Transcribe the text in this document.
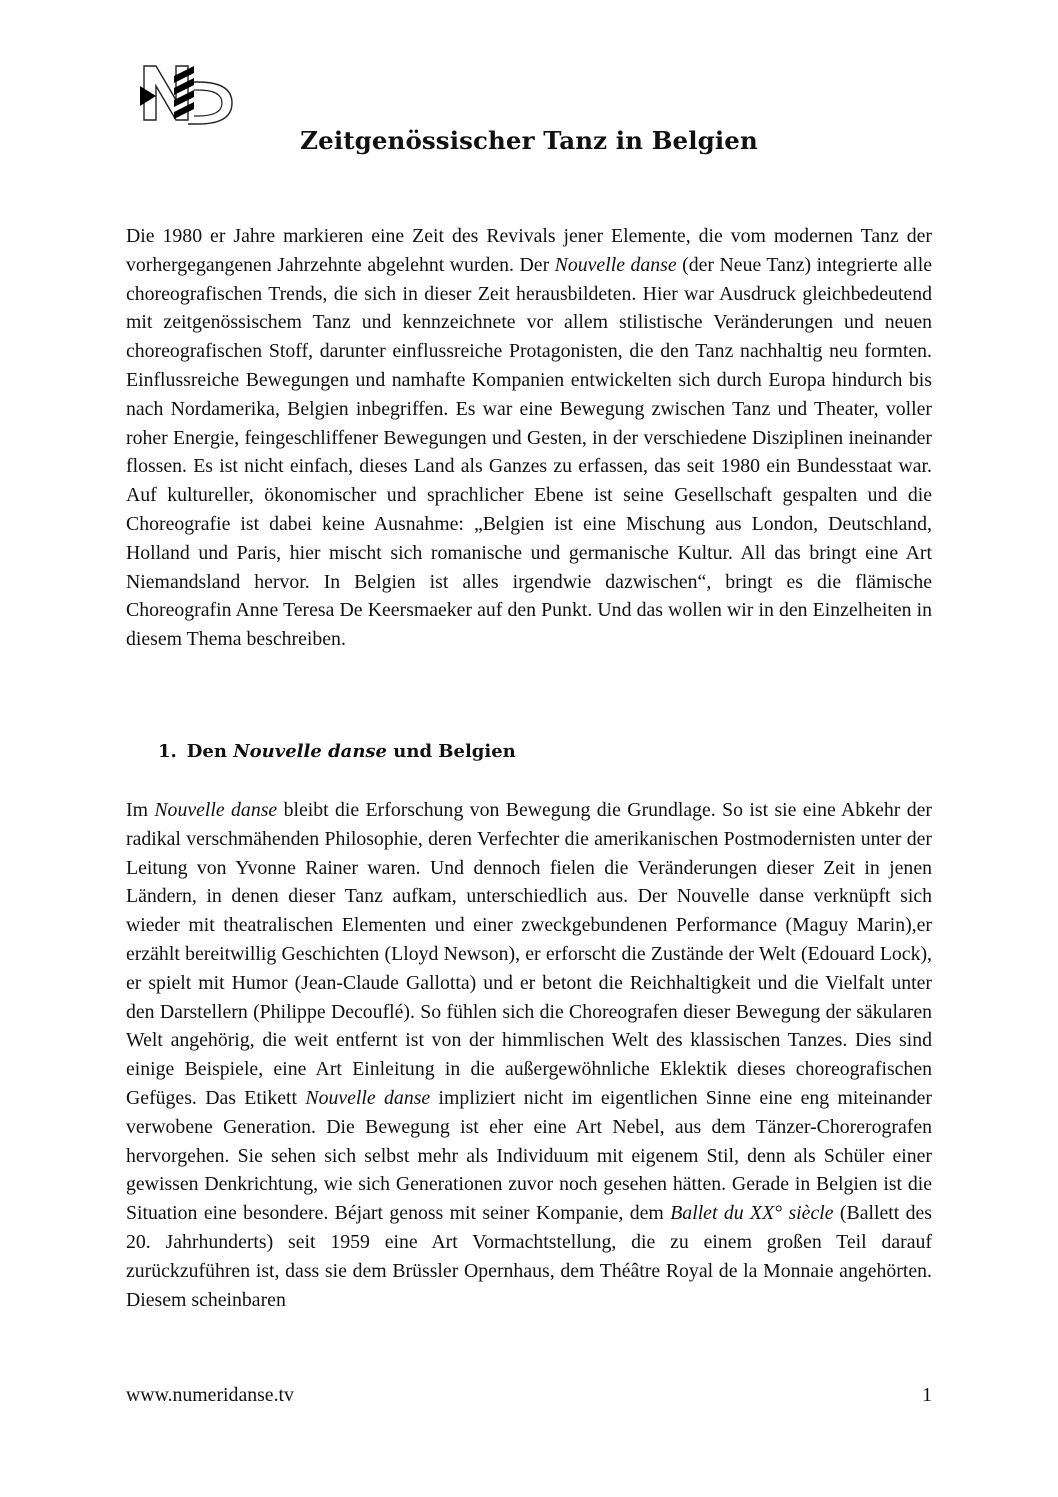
Zeitgenössischer Tanz in Belgien

Die 1980 er Jahre markieren eine Zeit des Revivals jener Elemente, die vom modernen Tanz der vorhergegangenen Jahrzehnte abgelehnt wurden. Der Nouvelle danse (der Neue Tanz) integrierte alle choreografischen Trends, die sich in dieser Zeit herausbildeten. Hier war Ausdruck gleichbedeutend mit zeitgenössischem Tanz und kennzeichnete vor allem stilistische Veränderungen und neuen choreografischen Stoff, darunter einflussreiche Protagonisten, die den Tanz nachhaltig neu formten. Einflussreiche Bewegungen und namhafte Kompanien entwickelten sich durch Europa hindurch bis nach Nordamerika, Belgien inbegriffen. Es war eine Bewegung zwischen Tanz und Theater, voller roher Energie, feingeschliffener Bewegungen und Gesten, in der verschiedene Disziplinen ineinander flossen. Es ist nicht einfach, dieses Land als Ganzes zu erfassen, das seit 1980 ein Bundesstaat war. Auf kultureller, ökonomischer und sprachlicher Ebene ist seine Gesellschaft gespalten und die Choreografie ist dabei keine Ausnahme: „Belgien ist eine Mischung aus London, Deutschland, Holland und Paris, hier mischt sich romanische und germanische Kultur. All das bringt eine Art Niemandsland hervor. In Belgien ist alles irgendwie dazwischen“, bringt es die flämische Choreografin Anne Teresa De Keersmaeker auf den Punkt. Und das wollen wir in den Einzelheiten in diesem Thema beschreiben.

1. Den Nouvelle danse und Belgien

Im Nouvelle danse bleibt die Erforschung von Bewegung die Grundlage. So ist sie eine Abkehr der radikal verschmähenden Philosophie, deren Verfechter die amerikanischen Postmodernisten unter der Leitung von Yvonne Rainer waren. Und dennoch fielen die Veränderungen dieser Zeit in jenen Ländern, in denen dieser Tanz aufkam, unterschiedlich aus. Der Nouvelle danse verknüpft sich wieder mit theatralischen Elementen und einer zweckgebundenen Performance (Maguy Marin),er erzählt bereitwillig Geschichten (Lloyd Newson), er erforscht die Zustände der Welt (Edouard Lock), er spielt mit Humor (Jean-Claude Gallotta) und er betont die Reichhaltigkeit und die Vielfalt unter den Darstellern (Philippe Decouflé). So fühlen sich die Choreografen dieser Bewegung der säkularen Welt angehörig, die weit entfernt ist von der himmlischen Welt des klassischen Tanzes. Dies sind einige Beispiele, eine Art Einleitung in die außergewöhnliche Eklektik dieses choreografischen Gefüges. Das Etikett Nouvelle danse impliziert nicht im eigentlichen Sinne eine eng miteinander verwobene Generation. Die Bewegung ist eher eine Art Nebel, aus dem Tänzer-Chorerografen hervorgehen. Sie sehen sich selbst mehr als Individuum mit eigenem Stil, denn als Schüler einer gewissen Denkrichtung, wie sich Generationen zuvor noch gesehen hätten. Gerade in Belgien ist die Situation eine besondere. Béjart genoss mit seiner Kompanie, dem Ballet du XX° siècle (Ballett des 20. Jahrhunderts) seit 1959 eine Art Vormachtstellung, die zu einem großen Teil darauf zurückzuführen ist, dass sie dem Brüssler Opernhaus, dem Théâtre Royal de la Monnaie angehörten. Diesem scheinbaren

www.numeridanse.tv	1
